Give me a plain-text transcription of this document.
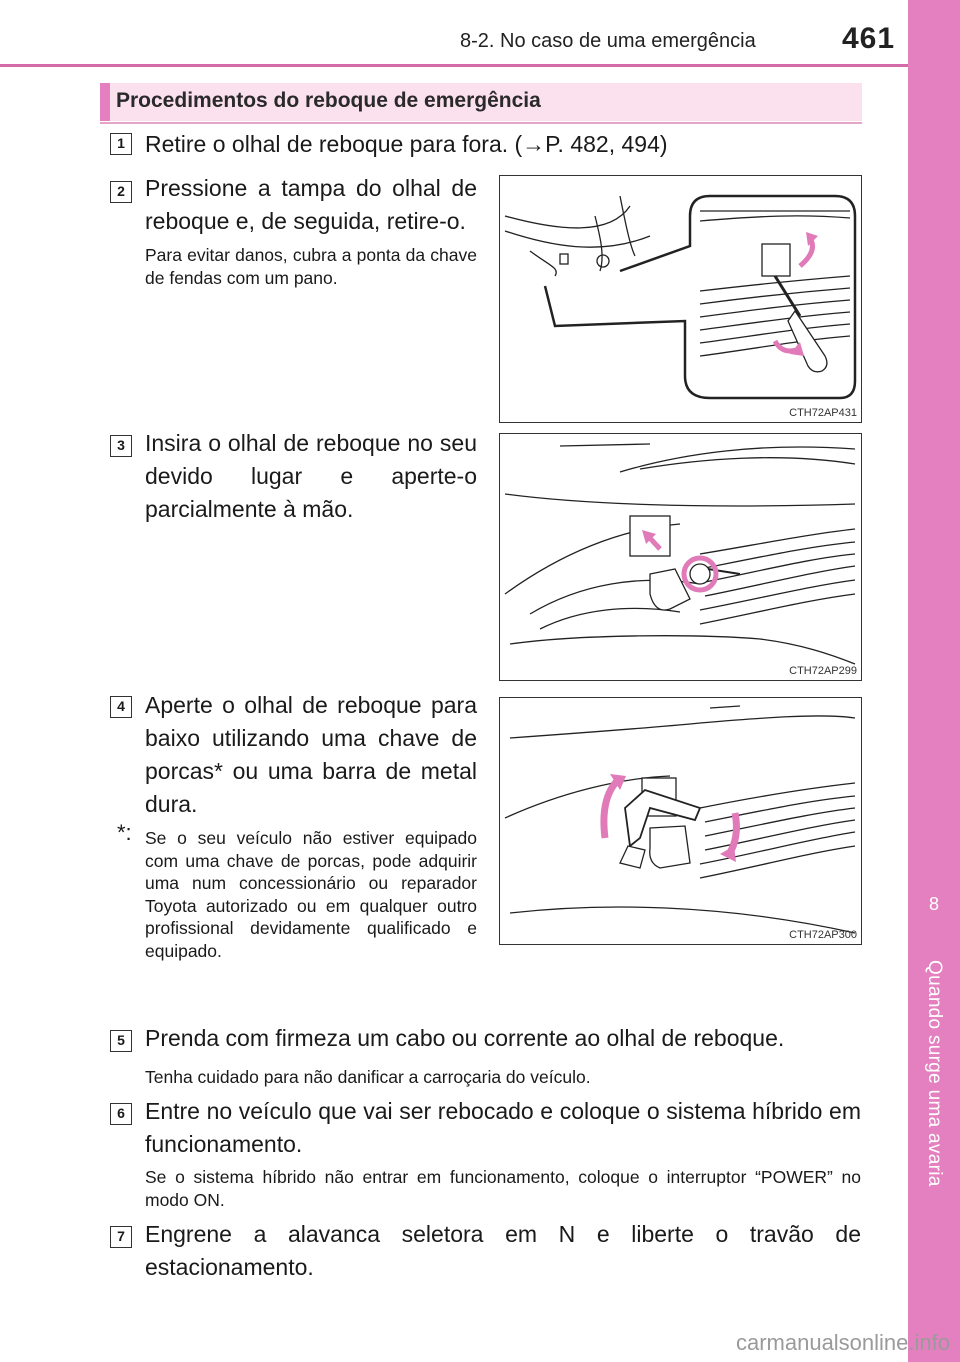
8-2. No caso de uma emergência	461
8
Quando surge uma avaria
Procedimentos do reboque de emergência
1 Retire o olhal de reboque para fora. (→P. 482, 494)
2 Pressione a tampa do olhal de reboque e, de seguida, retire-o.
Para evitar danos, cubra a ponta da chave de fendas com um pano.
CTH72AP431
3 Insira o olhal de reboque no seu devido lugar e aperte-o parcialmente à mão.
CTH72AP299
4 Aperte o olhal de reboque para baixo utilizando uma chave de porcas* ou uma barra de metal dura.
*: Se o seu veículo não estiver equipado com uma chave de porcas, pode adquirir uma num concessionário ou reparador Toyota autorizado ou em qualquer outro profissional devidamente qualificado e equipado.
CTH72AP300
5 Prenda com firmeza um cabo ou corrente ao olhal de reboque.
Tenha cuidado para não danificar a carroçaria do veículo.
6 Entre no veículo que vai ser rebocado e coloque o sistema híbrido em funcionamento.
Se o sistema híbrido não entrar em funcionamento, coloque o interruptor “POWER” no modo ON.
7 Engrene a alavanca seletora em N e liberte o travão de estacionamento.
carmanualsonline.info
